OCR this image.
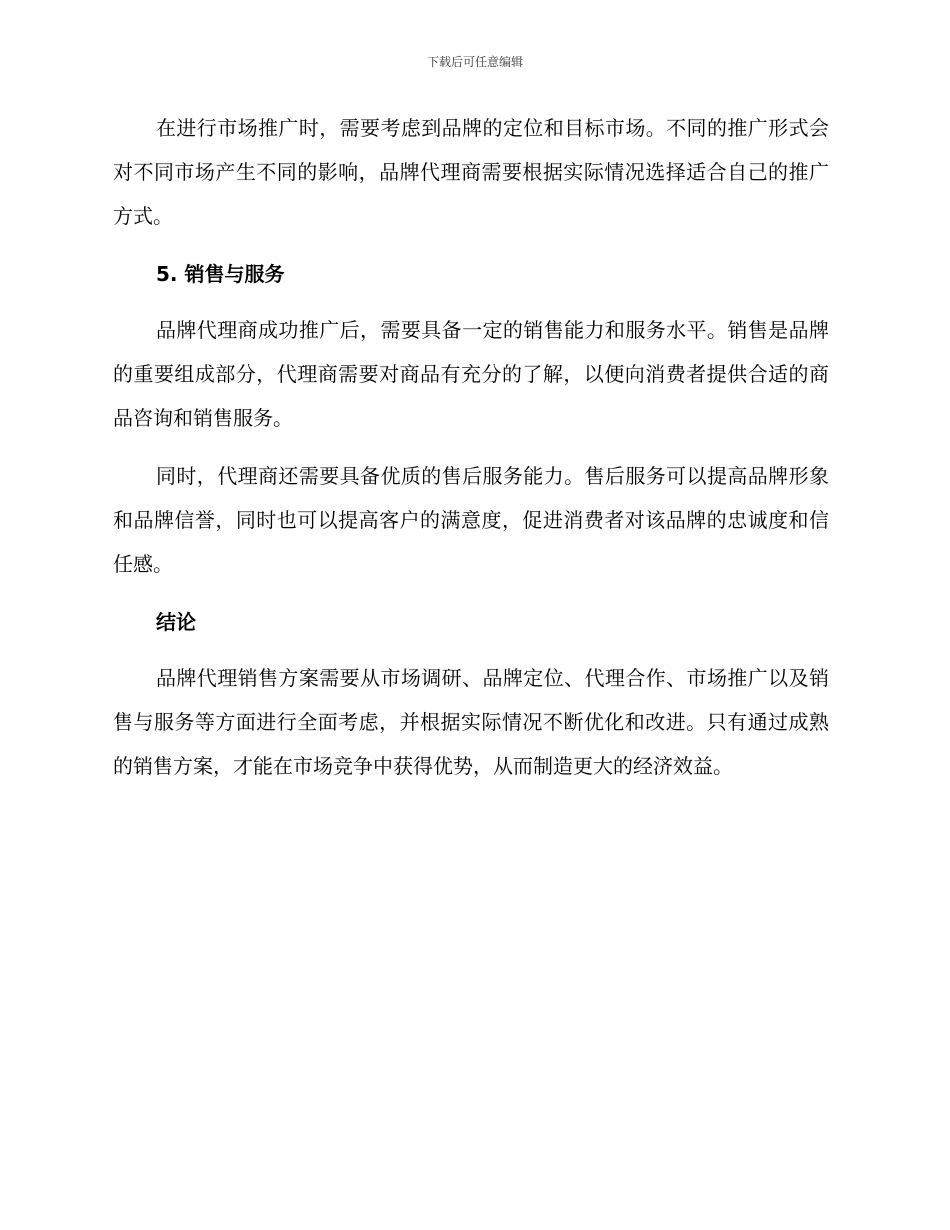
下载后可任意编辑

在进行市场推广时，需要考虑到品牌的定位和目标市场。不同的推广形式会对不同市场产生不同的影响，品牌代理商需要根据实际情况选择适合自己的推广方式。

5. 销售与服务

品牌代理商成功推广后，需要具备一定的销售能力和服务水平。销售是品牌的重要组成部分，代理商需要对商品有充分的了解，以便向消费者提供合适的商品咨询和销售服务。

同时，代理商还需要具备优质的售后服务能力。售后服务可以提高品牌形象和品牌信誉，同时也可以提高客户的满意度，促进消费者对该品牌的忠诚度和信任感。

结论

品牌代理销售方案需要从市场调研、品牌定位、代理合作、市场推广以及销售与服务等方面进行全面考虑，并根据实际情况不断优化和改进。只有通过成熟的销售方案，才能在市场竞争中获得优势，从而制造更大的经济效益。
